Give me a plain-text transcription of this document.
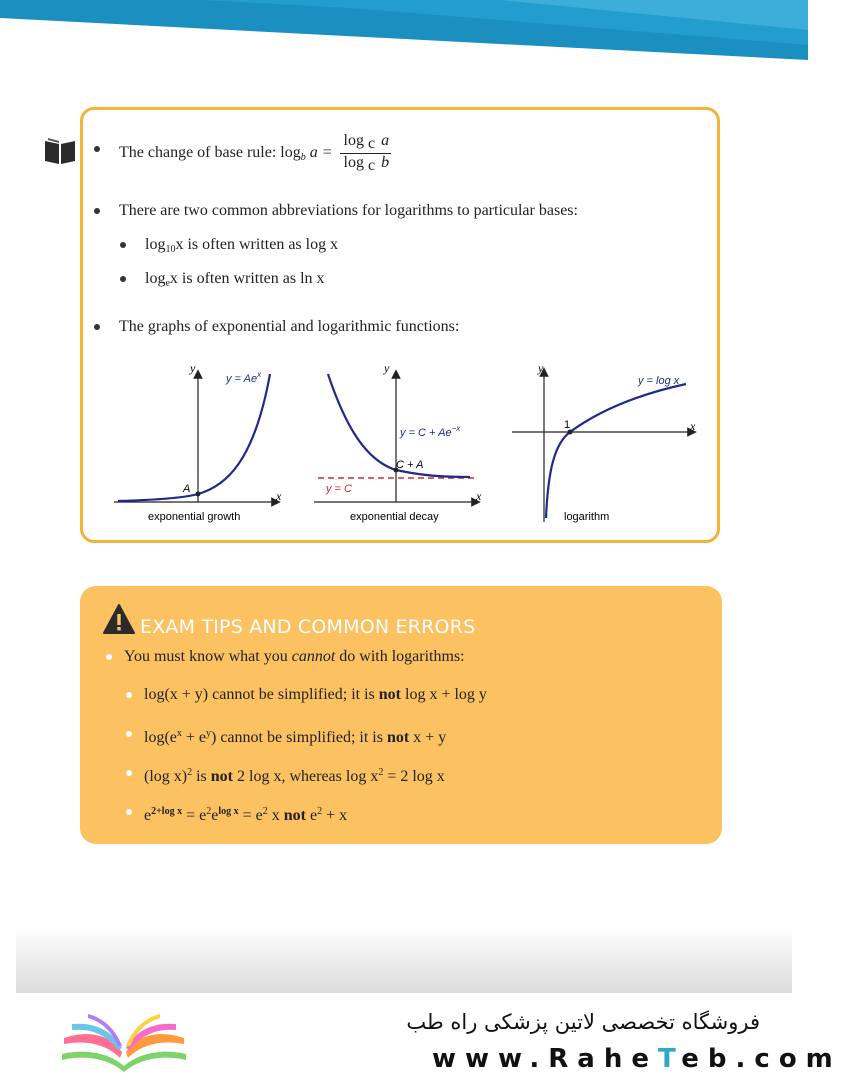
The change of base rule: $\log_b a = \frac{\text{log c a}}{\text{log c b}}$
There are two common abbreviations for logarithms to particular bases:
$\log_{10}x$ is often written as log x
$\log_ex$ is often written as ln x
The graphs of exponential and logarithmic functions:
y
x
$y = Ae^x$
A
exponential growth
y
x
$y = C + Ae^{-x}$
C + A
y = C
exponential decay
y
x
y = log x
1
logarithm
EXAM TIPS AND COMMON ERRORS
You must know what you cannot do with logarithms:
log(x + y) cannot be simplified; it is not log x + log y
$\log(e^x + e^y)$ cannot be simplified; it is not x + y
(log x)$^2$ is not 2 log x, whereas $\log x^2 = 2$ log x
$e^{2+log x} = e^2e^{log x} = e^2$ x not $e^2 + x$
فروشگاه تخصصی لاتین پزشکی راه طب
www.RaheTeb.com
